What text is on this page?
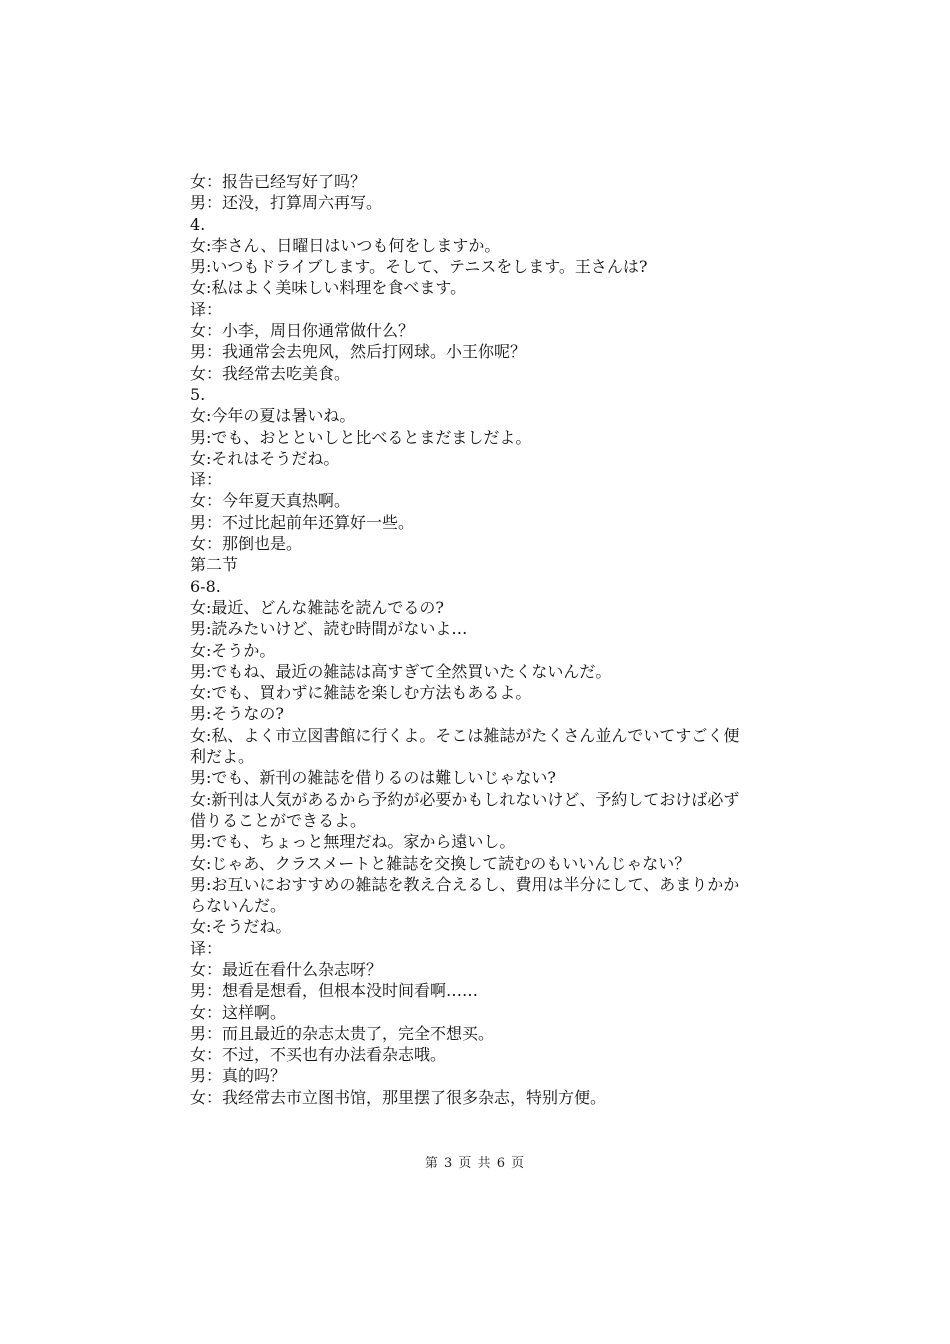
女：报告已经写好了吗？
男：还没，打算周六再写。
4.
女:李さん、日曜日はいつも何をしますか。
男:いつもドライブします。そして、テニスをします。王さんは?
女:私はよく美味しい料理を食べます。
译：
女：小李，周日你通常做什么？
男：我通常会去兜风，然后打网球。小王你呢？
女：我经常去吃美食。
5.
女:今年の夏は暑いね。
男:でも、おとといしと比べるとまだましだよ。
女:それはそうだね。
译：
女：今年夏天真热啊。
男：不过比起前年还算好一些。
女：那倒也是。
第二节
6-8.
女:最近、どんな雑誌を読んでるの?
男:読みたいけど、読む時間がないよ…
女:そうか。
男:でもね、最近の雑誌は高すぎて全然買いたくないんだ。
女:でも、買わずに雑誌を楽しむ方法もあるよ。
男:そうなの?
女:私、よく市立図書館に行くよ。そこは雑誌がたくさん並んでいてすごく便
利だよ。
男:でも、新刊の雑誌を借りるのは難しいじゃない?
女:新刊は人気があるから予約が必要かもしれないけど、予約しておけば必ず
借りることができるよ。
男:でも、ちょっと無理だね。家から遠いし。
女:じゃあ、クラスメートと雑誌を交換して読むのもいいんじゃない？
男:お互いにおすすめの雑誌を教え合えるし、費用は半分にして、あまりかか
らないんだ。
女:そうだね。
译：
女：最近在看什么杂志呀？
男：想看是想看，但根本没时间看啊……
女：这样啊。
男：而且最近的杂志太贵了，完全不想买。
女：不过，不买也有办法看杂志哦。
男：真的吗？
女：我经常去市立图书馆，那里摆了很多杂志，特别方便。
第 3 页 共 6 页
